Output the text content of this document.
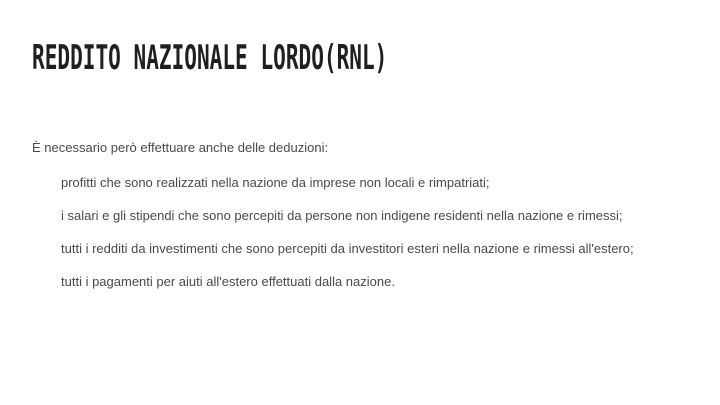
REDDITO NAZIONALE LORDO(RNL)

È necessario però effettuare anche delle deduzioni:

profitti che sono realizzati nella nazione da imprese non locali e rimpatriati;
i salari e gli stipendi che sono percepiti da persone non indigene residenti nella nazione e rimessi;
tutti i redditi da investimenti che sono percepiti da investitori esteri nella nazione e rimessi all'estero;
tutti i pagamenti per aiuti all'estero effettuati dalla nazione.
